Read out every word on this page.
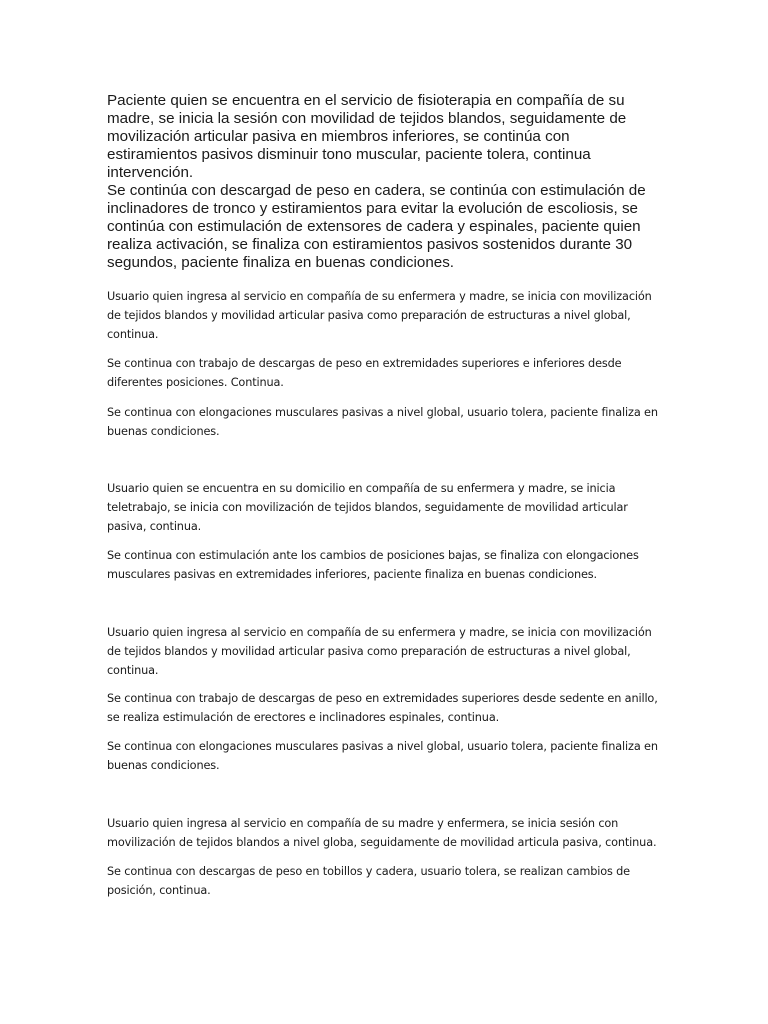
Paciente quien se encuentra en el servicio de fisioterapia en compañía de su madre, se inicia la sesión con movilidad de tejidos blandos, seguidamente de movilización articular pasiva en miembros inferiores, se continúa con estiramientos pasivos disminuir tono muscular, paciente tolera, continua intervención.

Se continúa con descargad de peso en cadera, se continúa con estimulación de inclinadores de tronco y estiramientos para evitar la evolución de escoliosis, se continúa con estimulación de extensores de cadera y espinales, paciente quien realiza activación, se finaliza con estiramientos pasivos sostenidos durante 30 segundos, paciente finaliza en buenas condiciones.

Usuario quien ingresa al servicio en compañía de su enfermera y madre, se inicia con movilización de tejidos blandos y movilidad articular pasiva como preparación de estructuras a nivel global, continua.

Se continua con trabajo de descargas de peso en extremidades superiores e inferiores desde diferentes posiciones. Continua.

Se continua con elongaciones musculares pasivas a nivel global, usuario tolera, paciente finaliza en buenas condiciones.

Usuario quien se encuentra en su domicilio en compañía de su enfermera y madre, se inicia teletrabajo, se inicia con movilización de tejidos blandos, seguidamente de movilidad articular pasiva, continua.

Se continua con estimulación ante los cambios de posiciones bajas, se finaliza con elongaciones musculares pasivas en extremidades inferiores, paciente finaliza en buenas condiciones.

Usuario quien ingresa al servicio en compañía de su enfermera y madre, se inicia con movilización de tejidos blandos y movilidad articular pasiva como preparación de estructuras a nivel global, continua.

Se continua con trabajo de descargas de peso en extremidades superiores desde sedente en anillo, se realiza estimulación de erectores e inclinadores espinales, continua.

Se continua con elongaciones musculares pasivas a nivel global, usuario tolera, paciente finaliza en buenas condiciones.

Usuario quien ingresa al servicio en compañía de su madre y enfermera, se inicia sesión con movilización de tejidos blandos a nivel globa, seguidamente de movilidad articula pasiva, continua.

Se continua con descargas de peso en tobillos y cadera, usuario tolera, se realizan cambios de posición, continua.
